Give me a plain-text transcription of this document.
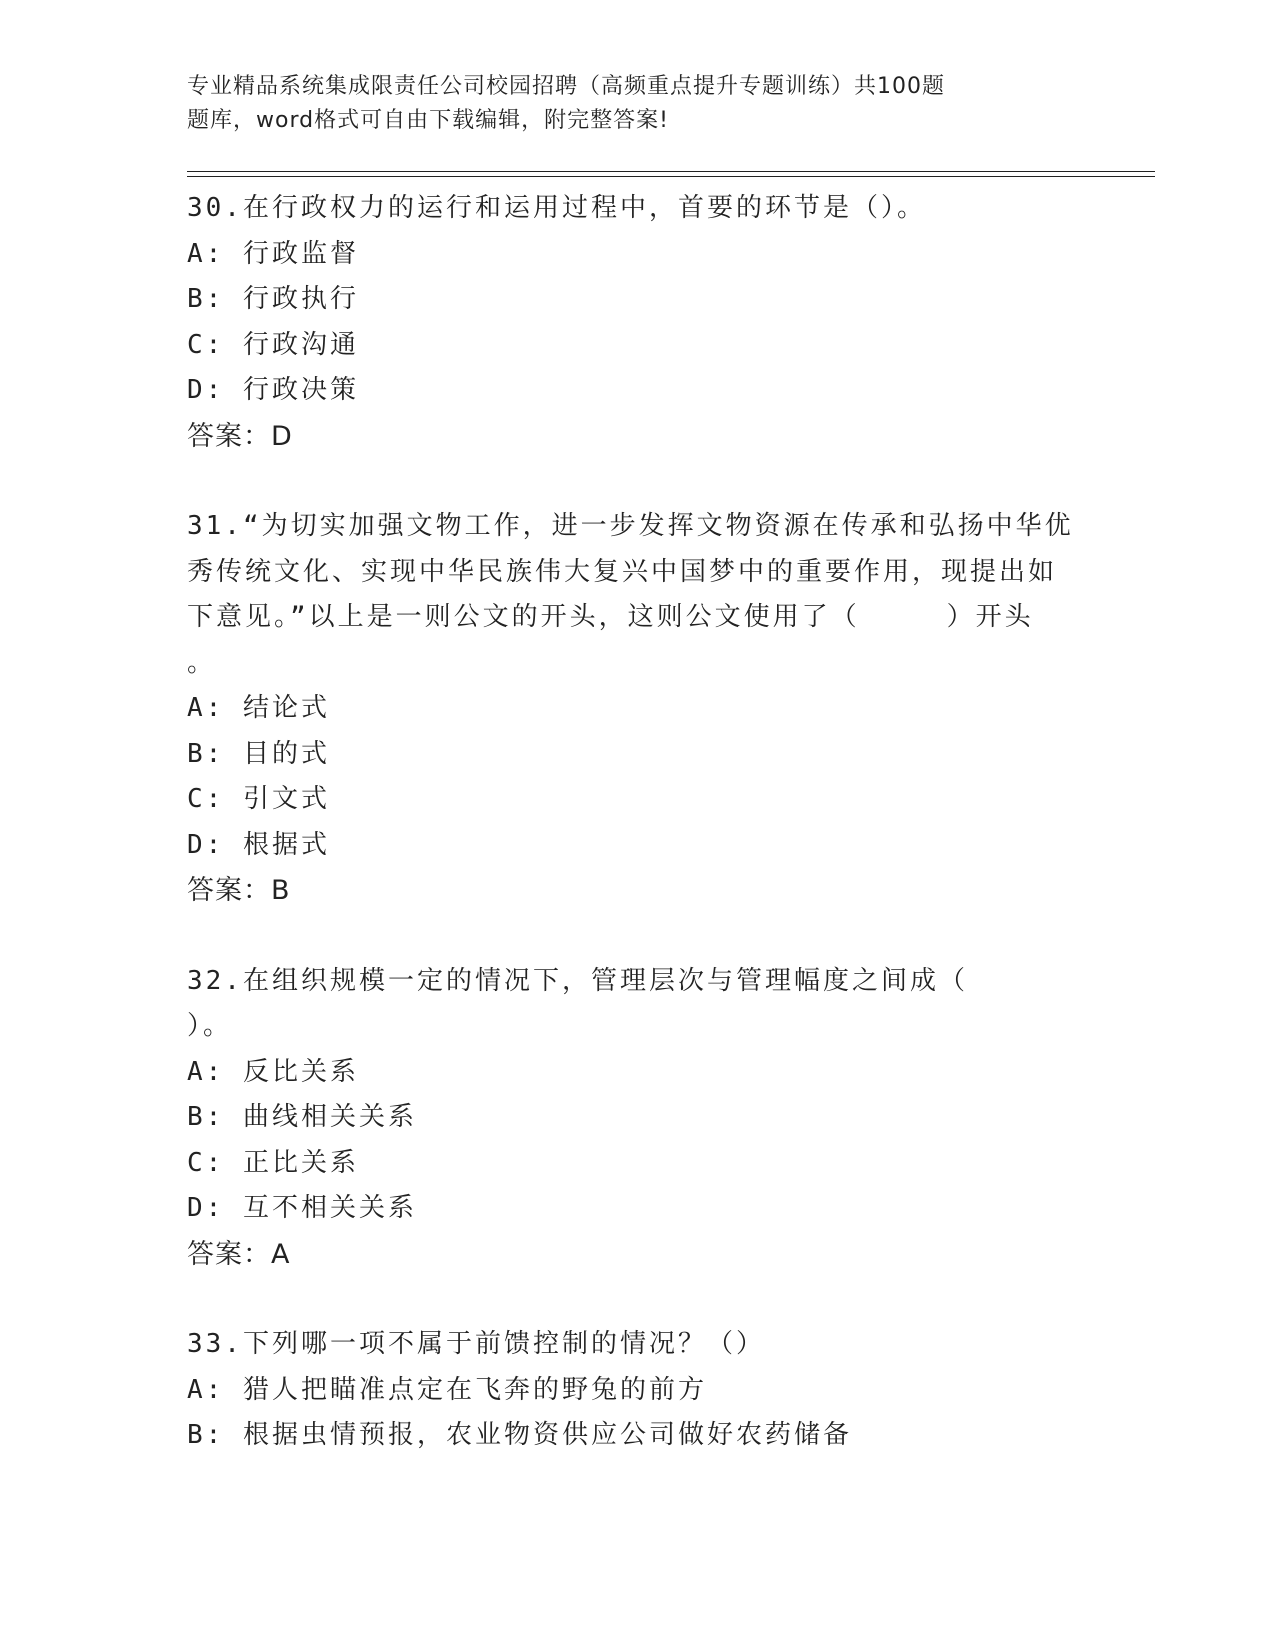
专业精品系统集成限责任公司校园招聘（高频重点提升专题训练）共100题
题库，word格式可自由下载编辑，附完整答案!
30.在行政权力的运行和运用过程中，首要的环节是（）。
A: 行政监督
B: 行政执行
C: 行政沟通
D: 行政决策
答案：D
31.“为切实加强文物工作，进一步发挥文物资源在传承和弘扬中华优
秀传统文化、实现中华民族伟大复兴中国梦中的重要作用，现提出如
下意见。”以上是一则公文的开头，这则公文使用了（　　　）开头
。
A: 结论式
B: 目的式
C: 引文式
D: 根据式
答案：B
32.在组织规模一定的情况下，管理层次与管理幅度之间成（
）。
A: 反比关系
B: 曲线相关关系
C: 正比关系
D: 互不相关关系
答案：A
33.下列哪一项不属于前馈控制的情况？（）
A: 猎人把瞄准点定在飞奔的野兔的前方
B: 根据虫情预报，农业物资供应公司做好农药储备
